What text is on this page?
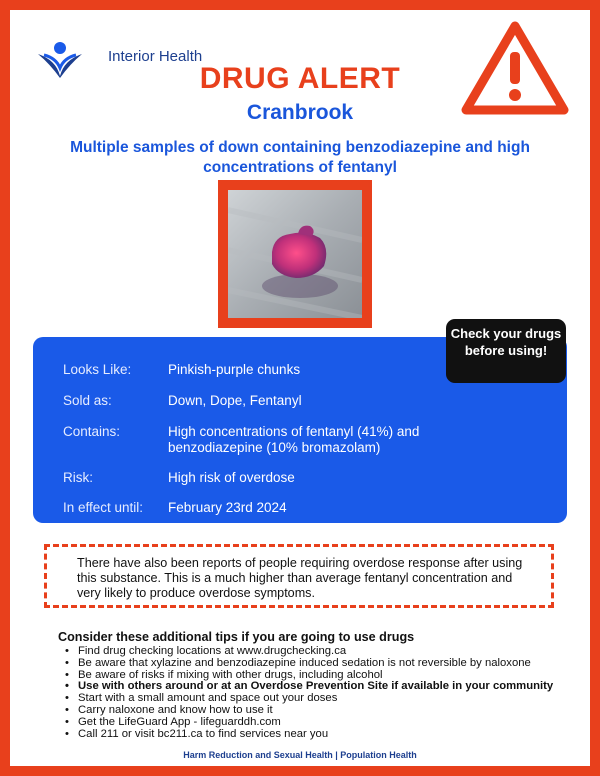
Interior Health
DRUG ALERT
Cranbrook
Multiple samples of down containing benzodiazepine and high concentrations of fentanyl
Looks Like:	Pinkish-purple chunks
Sold as:	Down, Dope, Fentanyl
Contains:	High concentrations of fentanyl (41%) and benzodiazepine (10% bromazolam)
Risk:	High risk of overdose
In effect until:	February 23rd 2024
Check your drugs before using!

There have also been reports of people requiring overdose response after using this substance. This is a much higher than average fentanyl concentration and very likely to produce overdose symptoms.

Consider these additional tips if you are going to use drugs
• Find drug checking locations at www.drugchecking.ca
• Be aware that xylazine and benzodiazepine induced sedation is not reversible by naloxone
• Be aware of risks if mixing with other drugs, including alcohol
• Use with others around or at an Overdose Prevention Site if available in your community
• Start with a small amount and space out your doses
• Carry naloxone and know how to use it
• Get the LifeGuard App - lifeguarddh.com
• Call 211 or visit bc211.ca to find services near you
Harm Reduction and Sexual Health | Population Health
